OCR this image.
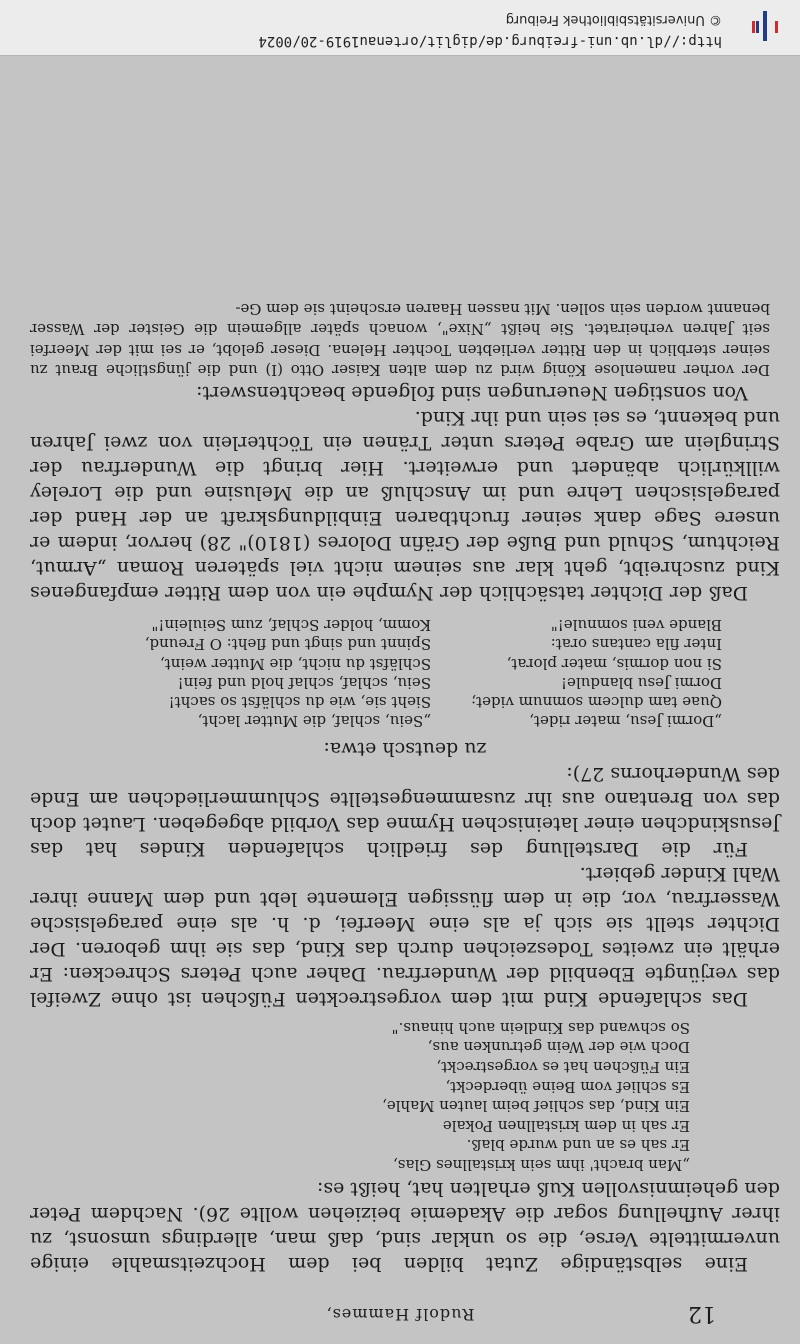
12
Rudolf Hammes,

Eine selbständige Zutat bilden bei dem Hochzeitsmahle einige unvermittelte Verse, die so unklar sind, daß man, allerdings umsonst, zu ihrer Aufhellung sogar die Akademie beiziehen wollte 26). Nachdem Peter den geheimnisvollen Kuß erhalten hat, heißt es:

„Man bracht' ihm sein kristallnes Glas,
Er sah es an und wurde blaß.
Er sah in dem kristallnen Pokale
Ein Kind, das schlief beim lauten Mahle,
Es schlief vom Beine überdeckt,
Ein Füßchen hat es vorgestreckt,
Doch wie der Wein getrunken aus,
So schwand das Kindlein auch hinaus."

Das schlafende Kind mit dem vorgestreckten Füßchen ist ohne Zweifel das verjüngte Ebenbild der Wunderfrau. Daher auch Peters Schrecken: Er erhält ein zweites Todeszeichen durch das Kind, das sie ihm geboren. Der Dichter stellt sie sich ja als eine Meerfei, d. h. als eine paragelsische Wasserfrau, vor, die in dem flüssigen Elemente lebt und dem Manne ihrer Wahl Kinder gebiert.

Für die Darstellung des friedlich schlafenden Kindes hat das Jesuskindchen einer lateinischen Hymne das Vorbild abgegeben. Lautet doch das von Brentano aus ihr zusammengestellte Schlummerliedchen am Ende des Wunderhorns 27):

zu deutsch etwa:

„Dormi Jesu, mater ridet,
Quae tam dulcem somnum videt;
Dormi Jesu blandule!
Si non dormis, mater plorat,
Inter fila cantans orat:
Blande veni somnule!"
„Seiu, schlaf, die Mutter lacht,
Sieht sie, wie du schläfst so sacht!
Seiu, schlaf, schlaf hold und fein!
Schläfst du nicht, die Mutter weint,
Spinnt und singt und fleht: O Freund,
Komm, holder Schlaf, zum Seiulein!"

Daß der Dichter tatsächlich der Nymphe ein von dem Ritter empfangenes Kind zuschreibt, geht klar aus seinem nicht viel späteren Roman „Armut, Reichtum, Schuld und Buße der Gräfin Dolores (1810)" 28) hervor, indem er unsere Sage dank seiner fruchtbaren Einbildungskraft an der Hand der paragelsischen Lehre und im Anschluß an die Melusine und die Loreley willkürlich abändert und erweitert. Hier bringt die Wunderfrau der Stringlein am Grabe Peters unter Tränen ein Töchterlein von zwei Jahren und bekennt, es sei sein und ihr Kind.

Von sonstigen Neuerungen sind folgende beachtenswert:

Der vorher namenlose König wird zu dem alten Kaiser Otto (I) und die jüngstliche Braut zu seiner sterblich in den Ritter verliebten Tochter Helena. Dieser gelobt, er sei mit der Meerfei seit Jahren verheiratet. Sie heißt „Nixe", wonach später allgemein die Geister der Wasser benannt worden sein sollen. Mit nassen Haaren erscheint sie dem Ge-

http://dl.ub.uni-freiburg.de/diglit/ortenau1919-20/0024
© Universitätsbibliothek Freiburg
